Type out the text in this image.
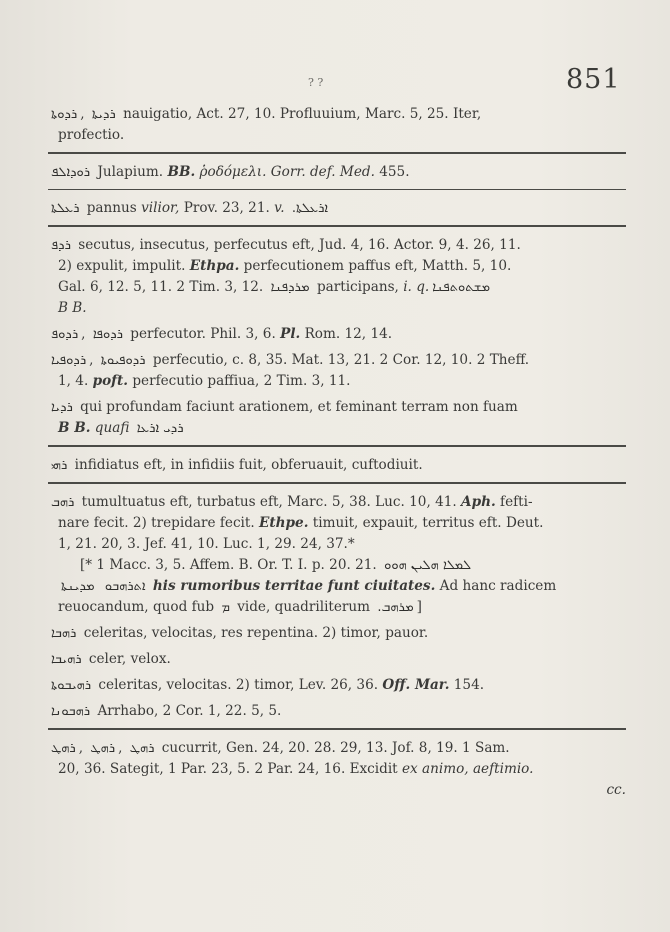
? ?	851

ܪܕܘܬܐ , ܪܕܝܬܐ nauigatio, Act. 27, 10. Profluuium, Marc. 5, 25. Iter,
profectio.

ܪܘܕܐܠܦ Julapium. BB. ῥοδόμελι. Gorr. def. Med. 455.

ܪܥܠܬܐ pannus vilior, Prov. 23, 21. v. ܐܪܥܠܬܐ.

ܪܕܦ secutus, insecutus, perfecutus eft, Jud. 4, 16. Actor. 9, 4. 26, 11.
2) expulit, impulit. Ethpa. perfecutionem paffus eft, Matth. 5, 10.
Gal. 6, 12. 5, 11. 2 Tim. 3, 12. ܡܪܕܦܢܐ participans, i. q. ܡܫܬܘܬܦܢܐ
B B.

ܪܕܘܦ , ܪܕܘܦܐ perfecutor. Phil. 3, 6. Pl. Rom. 12, 14.

ܪܕܘܦܝܐ , ܪܕܘܦܝܘܬܐ perfecutio, c. 8, 35. Mat. 13, 21. 2 Cor. 12, 10. 2 Theff.
1, 4. poft. perfecutio paffiua, 2 Tim. 3, 11.

ܪܕܝܐ qui profundam faciunt arationem, et feminant terram non fuam
B B. quafi ܪܕܝ ܐܪܥܐ

ܪܗܝ infidiatus eft, in infidiis fuit, obferuauit, cuftodiuit.

ܪܗܒ tumultuatus eft, turbatus eft, Marc. 5, 38. Luc. 10, 41. Aph. fefti-
nare fecit. 2) trepidare fecit. Ethpe. timuit, expauit, territus eft. Deut.
1, 21. 20, 3. Jef. 41, 10. Luc. 1, 29. 24, 37.*
[* 1 Macc. 3, 5. Affem. B. Or. T. I. p. 20. 21. ܠܡܠܐ ܗܠܝܢ ܗܘܘ
ܡܕܝܢܬܐ ܐܬܪܗܒܘ his rumoribus territae funt ciuitates. Ad hanc radicem
reuocandum, quod fub ܡ vide, quadriliterum ܡܪܗܒ. ]

ܪܗܒܐ celeritas, velocitas, res repentina. 2) timor, pauor.

ܪܗܝܒܐ celer, velox.

ܪܗܝܒܘܬܐ celeritas, velocitas. 2) timor, Lev. 26, 36. Off. Mar. 154.

ܪܗܒܘܢܐ Arrhabo, 2 Cor. 1, 22. 5, 5.

ܪܗܛ , ܪܗܛ , ܪܗܛ cucurrit, Gen. 24, 20. 28. 29, 13. Jof. 8, 19. 1 Sam.
20, 36. Sategit, 1 Par. 23, 5. 2 Par. 24, 16. Excidit ex animo, aeftimio.
cc.
